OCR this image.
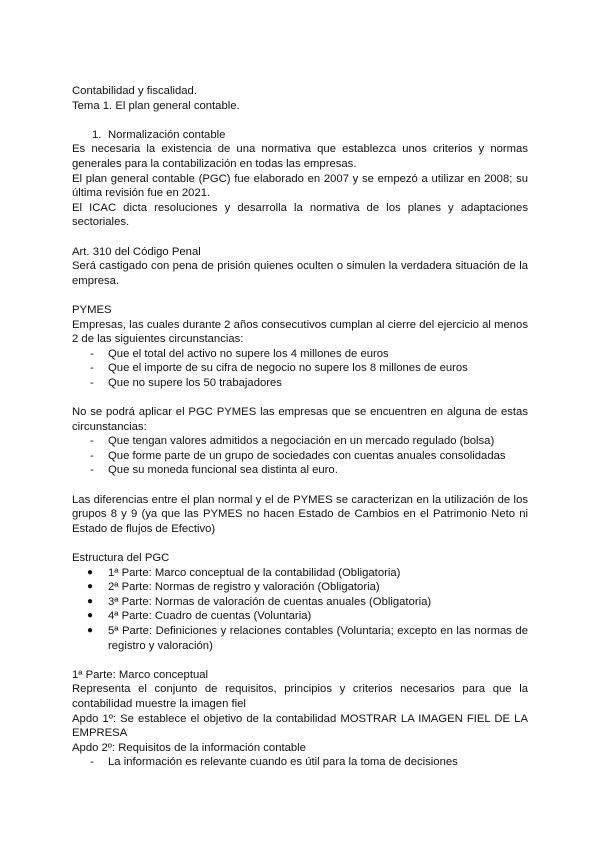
Contabilidad y fiscalidad.

Tema 1. El plan general contable.

1. Normalización contable

Es necesaria la existencia de una normativa que establezca unos criterios y normas generales para la contabilización en todas las empresas.

El plan general contable (PGC) fue elaborado en 2007 y se empezó a utilizar en 2008; su última revisión fue en 2021.

El ICAC dicta resoluciones y desarrolla la normativa de los planes y adaptaciones sectoriales.

Art. 310 del Código Penal

Será castigado con pena de prisión quienes oculten o simulen la verdadera situación de la empresa.

PYMES

Empresas, las cuales durante 2 años consecutivos cumplan al cierre del ejercicio al menos 2 de las siguientes circunstancias:

- Que el total del activo no supere los 4 millones de euros
- Que el importe de su cifra de negocio no supere los 8 millones de euros
- Que no supere los 50 trabajadores

No se podrá aplicar el PGC PYMES las empresas que se encuentren en alguna de estas circunstancias:

- Que tengan valores admitidos a negociación en un mercado regulado (bolsa)
- Que forme parte de un grupo de sociedades con cuentas anuales consolidadas
- Que su moneda funcional sea distinta al euro.

Las diferencias entre el plan normal y el de PYMES se caracterizan en la utilización de los grupos 8 y 9 (ya que las PYMES no hacen Estado de Cambios en el Patrimonio Neto ni Estado de flujos de Efectivo)

Estructura del PGC

● 1ª Parte: Marco conceptual de la contabilidad (Obligatoria)
● 2ª Parte: Normas de registro y valoración (Obligatoria)
● 3ª Parte: Normas de valoración de cuentas anuales (Obligatoria)
● 4ª Parte: Cuadro de cuentas (Voluntaria)
● 5ª Parte: Definiciones y relaciones contables (Voluntaria; excepto en las normas de registro y valoración)

1ª Parte: Marco conceptual

Representa el conjunto de requisitos, principios y criterios necesarios para que la contabilidad muestre la imagen fiel

Apdo 1º: Se establece el objetivo de la contabilidad MOSTRAR LA IMAGEN FIEL DE LA EMPRESA

Apdo 2º: Requisitos de la información contable

- La información es relevante cuando es útil para la toma de decisiones
